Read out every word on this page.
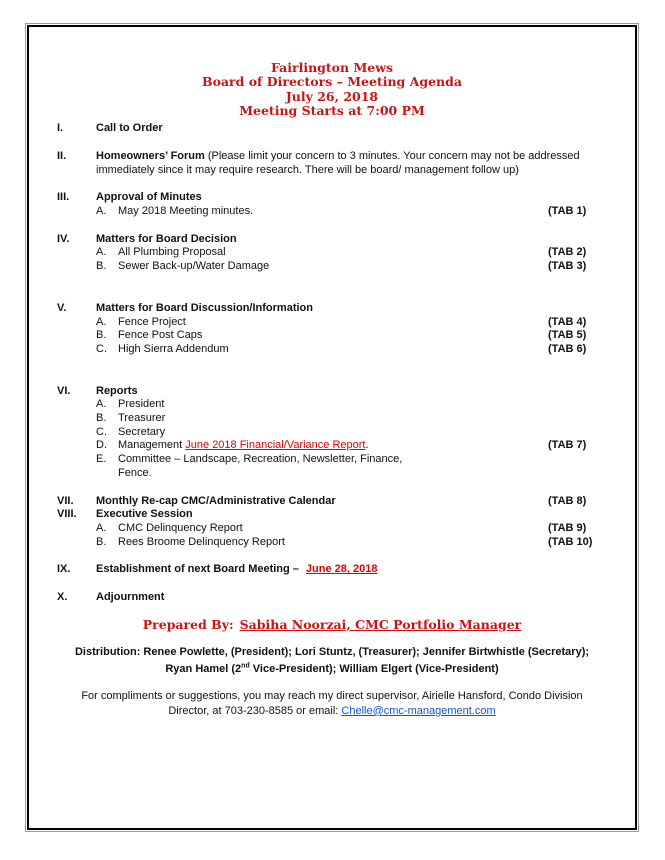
Fairlington Mews
Board of Directors – Meeting Agenda
July 26, 2018
Meeting Starts at 7:00 PM
I.	Call to Order
II.	Homeowners’ Forum (Please limit your concern to 3 minutes. Your concern may not be addressed
immediately since it may require research. There will be board/ management follow up)
III.	Approval of Minutes
A.	May 2018 Meeting minutes.	(TAB 1)
IV.	Matters for Board Decision
A.	All Plumbing Proposal	(TAB 2)
B.	Sewer Back-up/Water Damage	(TAB 3)
V.	Matters for Board Discussion/Information
A.	Fence Project	(TAB 4)
B.	Fence Post Caps	(TAB 5)
C.	High Sierra Addendum	(TAB 6)
VI.	Reports
A.	President
B.	Treasurer
C.	Secretary
D.	Management June 2018 Financial/Variance Report.	(TAB 7)
E.	Committee – Landscape, Recreation, Newsletter, Finance,
Fence.
VII.	Monthly Re-cap CMC/Administrative Calendar	(TAB 8)
VIII.	Executive Session
A.	CMC Delinquency Report	(TAB 9)
B.	Rees Broome Delinquency Report	(TAB 10)
IX.	Establishment of next Board Meeting – June 28, 2018
X.	Adjournment
Prepared By: Sabiha Noorzai, CMC Portfolio Manager
Distribution: Renee Powlette, (President); Lori Stuntz, (Treasurer); Jennifer Birtwhistle (Secretary);
Ryan Hamel (2nd Vice-President); William Elgert (Vice-President)
For compliments or suggestions, you may reach my direct supervisor, Airielle Hansford, Condo Division
Director, at 703-230-8585 or email: Chelle@cmc-management.com
